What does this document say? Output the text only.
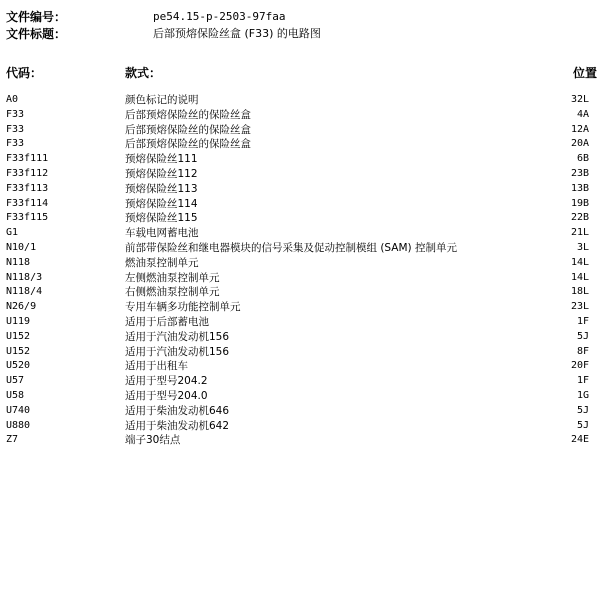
文件编号：	pe54.15-p-2503-97faa
文件标题：	后部预熔保险丝盒 (F33) 的电路图
代码：	款式：	位置
A0	颜色标记的说明	32L
F33	后部预熔保险丝的保险丝盒	4A
F33	后部预熔保险丝的保险丝盒	12A
F33	后部预熔保险丝的保险丝盒	20A
F33f111	预熔保险丝111	6B
F33f112	预熔保险丝112	23B
F33f113	预熔保险丝113	13B
F33f114	预熔保险丝114	19B
F33f115	预熔保险丝115	22B
G1	车载电网蓄电池	21L
N10/1	前部带保险丝和继电器模块的信号采集及促动控制模组 (SAM) 控制单元	3L
N118	燃油泵控制单元	14L
N118/3	左侧燃油泵控制单元	14L
N118/4	右侧燃油泵控制单元	18L
N26/9	专用车辆多功能控制单元	23L
U119	适用于后部蓄电池	1F
U152	适用于汽油发动机156	5J
U152	适用于汽油发动机156	8F
U520	适用于出租车	20F
U57	适用于型号204.2	1F
U58	适用于型号204.0	1G
U740	适用于柴油发动机646	5J
U880	适用于柴油发动机642	5J
Z7	端子30结点	24E
